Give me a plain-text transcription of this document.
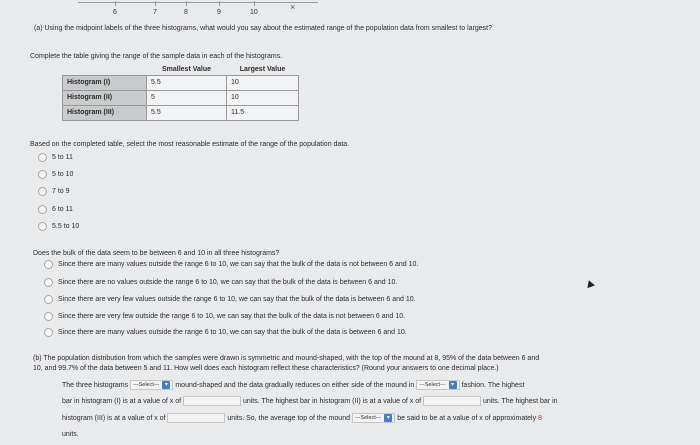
6	7	8	9	10
×
(a) Using the midpoint labels of the three histograms, what would you say about the estimated range of the population data from smallest to largest?
Complete the table giving the range of the sample data in each of the histograms.
	Smallest Value	Largest Value
Histogram (I)	5.5	10
Histogram (II)	5	10
Histogram (III)	5.5	11.5
Based on the completed table, select the most reasonable estimate of the range of the population data.
5 to 11
5 to 10
7 to 9
6 to 11
5.5 to 10
Does the bulk of the data seem to be between 6 and 10 in all three histograms?
Since there are many values outside the range 6 to 10, we can say that the bulk of the data is not between 6 and 10.
Since there are no values outside the range 6 to 10, we can say that the bulk of the data is between 6 and 10.
Since there are very few values outside the range 6 to 10, we can say that the bulk of the data is between 6 and 10.
Since there are very few outside the range 6 to 10, we can say that the bulk of the data is not between 6 and 10.
Since there are many values outside the range 6 to 10, we can say that the bulk of the data is between 6 and 10.
(b) The population distribution from which the samples were drawn is symmetric and mound-shaped, with the top of the mound at 8, 95% of the data between 6 and
10, and 99.7% of the data between 5 and 11. How well does each histogram reflect these characteristics? (Round your answers to one decimal place.)
The three histograms ---Select--- ▾	mound-shaped and the data gradually reduces on either side of the mound in ---Select--- ▾	fashion. The highest
bar in histogram (I) is at a value of x of	units. The highest bar in histogram (II) is at a value of x of	units. The highest bar in
histogram (III) is at a value of x of	units. So, the average top of the mound ---Select--- ▾	be said to be at a value of x of approximately 8
units.
